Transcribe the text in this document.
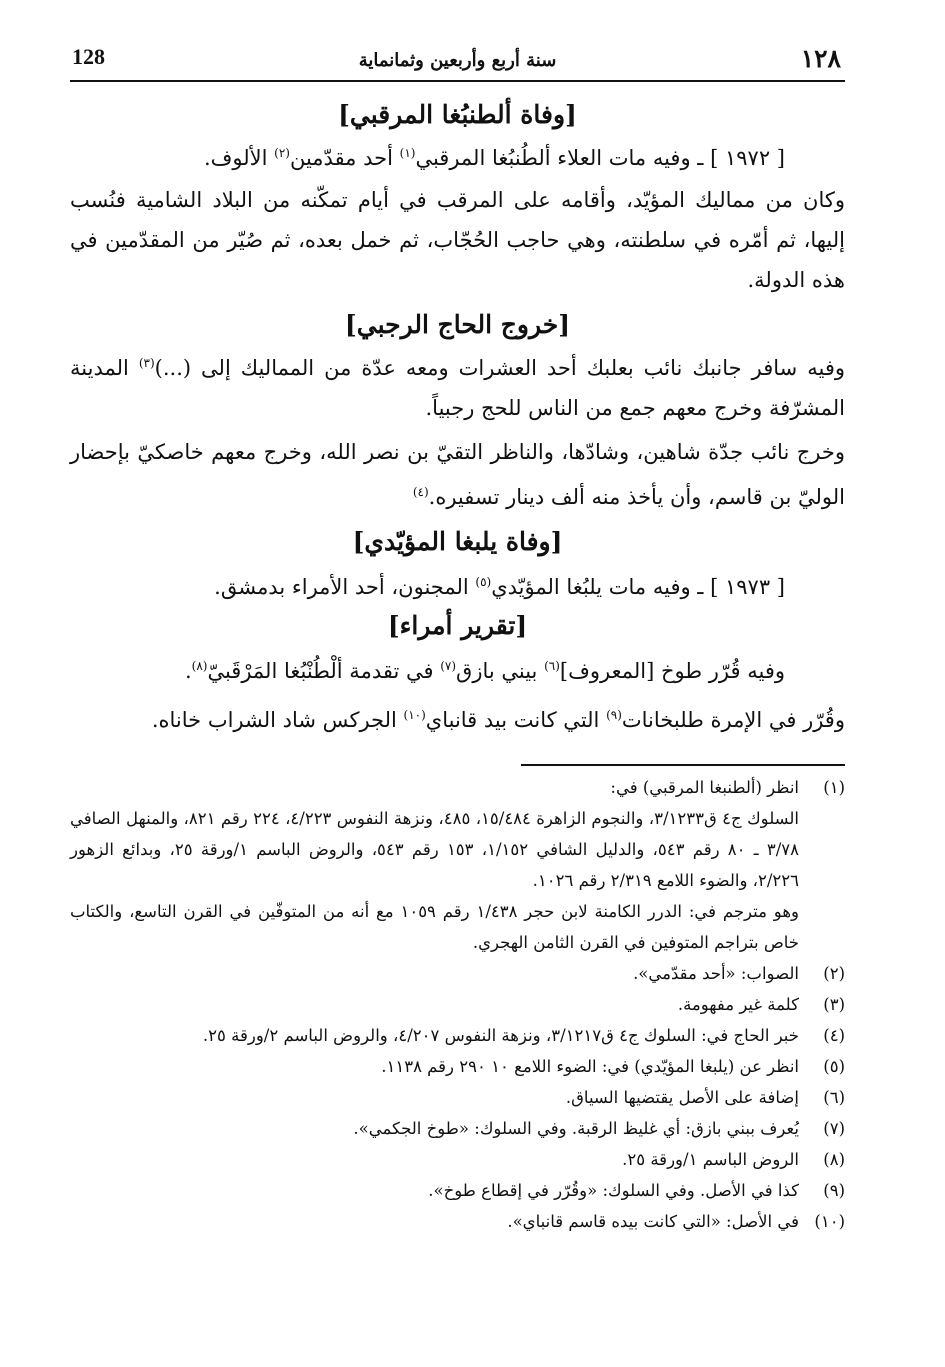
١٢٨
سنة أربع وأربعين وثمانماية
128

[وفاة ألطنبُغا المرقبي]

[ ١٩٧٢ ] ـ وفيه مات العلاء ألطُنبُغا المرقبي$^{(١)}$ أحد مقدّمين$^{(٢)}$ الألوف.

وكان من مماليك المؤيّد، وأقامه على المرقب في أيام تمكّنه من البلاد الشامية فنُسب إليها، ثم أمّره في سلطنته، وهي حاجب الحُجّاب، ثم خمل بعده، ثم صُيّر من المقدّمين في هذه الدولة.

[خروج الحاج الرجبي]

وفيه سافر جانبك نائب بعلبك أحد العشرات ومعه عدّة من المماليك إلى (...)$^{(٣)}$ المدينة المشرّفة وخرج معهم جمع من الناس للحج رجبياً.

وخرج نائب جدّة شاهين، وشادّها، والناظر التقيّ بن نصر الله، وخرج معهم خاصكيّ بإحضار الوليّ بن قاسم، وأن يأخذ منه ألف دينار تسفيره.$^{(٤)}$

[وفاة يلبغا المؤيّدي]

[ ١٩٧٣ ] ـ وفيه مات يلبُغا المؤيّدي$^{(٥)}$ المجنون، أحد الأمراء بدمشق.

[تقرير أمراء]

وفيه قُرّر طوخ [المعروف]$^{(٦)}$ بيني بازق$^{(٧)}$ في تقدمة ألْطُنْبُغا المَرْقَبيّ$^{(٨)}$.

وقُرّر في الإمرة طلبخانات$^{(٩)}$ التي كانت بيد قانباي$^{(١٠)}$ الجركس شاد الشراب خاناه.

(١)
انظر (ألطنبغا المرقبي) في:

السلوك ج٤ ق٣/١٢٣٣، والنجوم الزاهرة ١٥/٤٨٤، ٤٨٥، ونزهة النفوس ٤/٢٢٣، ٢٢٤ رقم ٨٢١، والمنهل الصافي ٣/٧٨ ـ ٨٠ رقم ٥٤٣، والدليل الشافي ١/١٥٢، ١٥٣ رقم ٥٤٣، والروض الباسم ١/ورقة ٢٥، وبدائع الزهور ٢/٢٢٦، والضوء اللامع ٢/٣١٩ رقم ١٠٢٦.

وهو مترجم في: الدرر الكامنة لابن حجر ١/٤٣٨ رقم ١٠٥٩ مع أنه من المتوفّين في القرن التاسع، والكتاب خاص بتراجم المتوفين في القرن الثامن الهجري.

(٢)
الصواب: «أحد مقدّمي».

(٣)
كلمة غير مفهومة.

(٤)
خبر الحاج في: السلوك ج٤ ق٣/١٢١٧، ونزهة النفوس ٤/٢٠٧، والروض الباسم ٢/ورقة ٢٥.

(٥)
انظر عن (يلبغا المؤيّدي) في: الضوء اللامع ١٠ ٢٩٠ رقم ١١٣٨.

(٦)
إضافة على الأصل يقتضيها السياق.

(٧)
يُعرف ببني بازق: أي غليظ الرقبة. وفي السلوك: «طوخ الجكمي».

(٨)
الروض الباسم ١/ورقة ٢٥.

(٩)
كذا في الأصل. وفي السلوك: «وقُرّر في إقطاع طوخ».

(١٠)
في الأصل: «التي كانت بيده قاسم قانباي».
